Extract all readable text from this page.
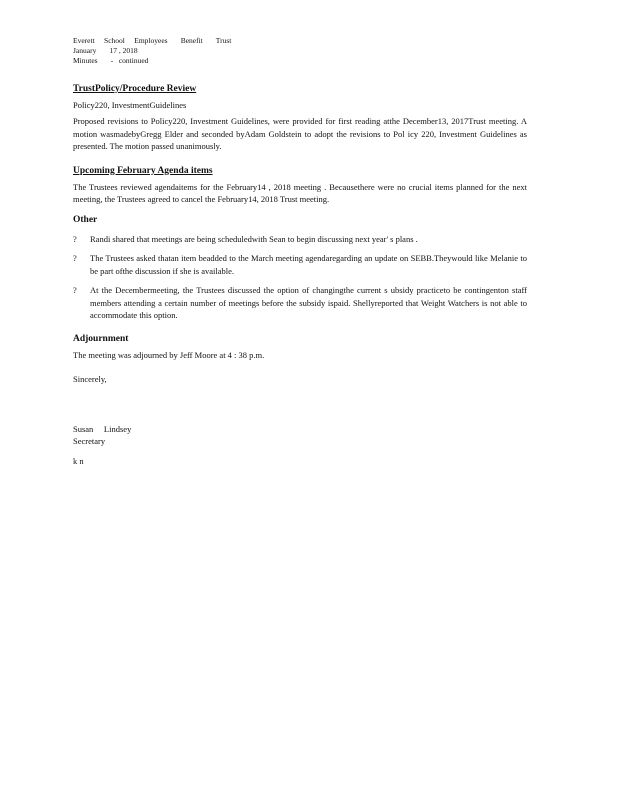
Everett     School     Employees       Benefit       Trust
January       17 , 2018
Minutes       -   continued
TrustPolicy/Procedure Review
Policy220, InvestmentGuidelines

Proposed revisions to Policy220, Investment Guidelines, were provided for first reading atthe December13, 2017Trust meeting. A motion wasmadebyGregg Elder and seconded byAdam Goldstein to adopt the revisions to Pol icy 220, Investment Guidelines as presented. The motion passed unanimously.

Upcoming February Agenda items

The Trustees reviewed agendaitems for the February14 , 2018 meeting . Becausethere were no crucial items planned for the next meeting, the Trustees agreed to cancel the February14, 2018 Trust meeting.

Other
?	Randi shared that meetings are being scheduledwith Sean to begin discussing next year' s plans .
?	The Trustees asked thatan item beadded to the March meeting agendaregarding an update on SEBB.Theywould like Melanie to be part ofthe discussion if she is available.
?	At the Decembermeeting, the Trustees discussed the option of changingthe current s ubsidy practiceto be contingenton staff members attending a certain number of meetings before the subsidy ispaid. Shellyreported that Weight Watchers is not able to accommodate this option.
Adjournment

The meeting was adjourned by Jeff Moore at 4 : 38 p.m.

Sincerely,
Susan     Lindsey
Secretary
k n
